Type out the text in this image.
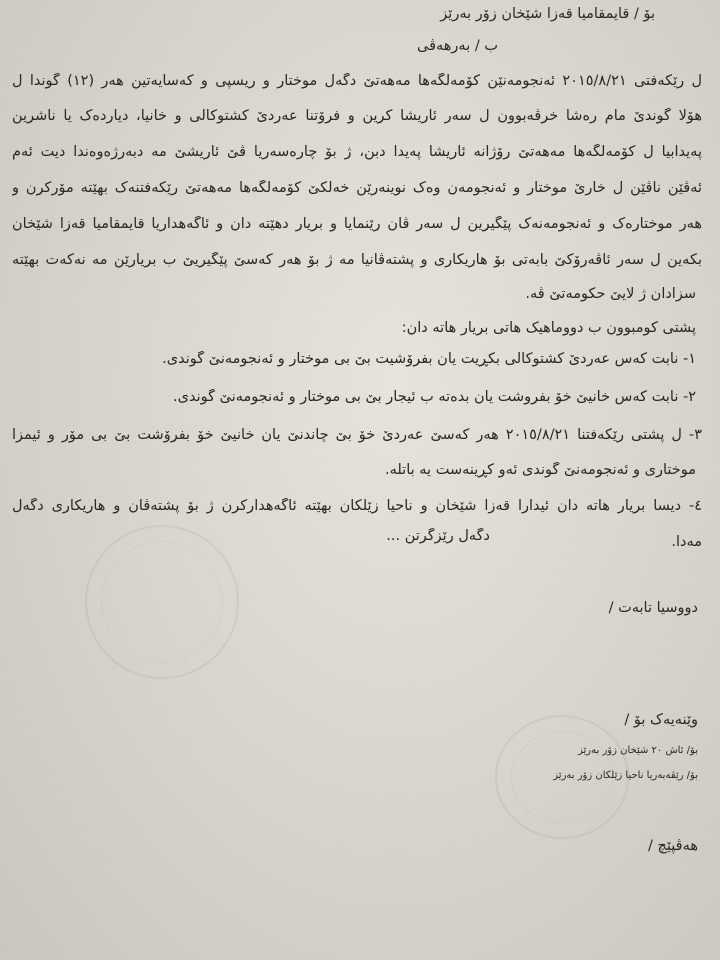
بۆ / قایمقامیا قەزا شێخان زۆر بەرێز
ب / بەرهەڤی
ل رێکەفتی ٢٠١٥/٨/٢١ ئەنجومەنێن کۆمەلگەها مەهەتێ دگەل موختار و ریسپی و کەسایەتین هەر (١٢) گوندا ل
هۆلا گوندێ مام رەشا خرڤەبوون ل سەر ئاریشا کرین و فرۆتنا عەردێ کشتوکالی و خانیا، دیاردەک یا ناشرین
پەیدابیا ل کۆمەلگەها مەهەتێ رۆژانە ئاریشا پەیدا دبن، ژ بۆ چارەسەریا ڤێ ئاریشێ مە دبەرژەوەندا دیت ئەم
ئەڤێن ناڤێن ل خارێ موختار و ئەنجومەن وەک نوینەرێن خەلکێ کۆمەلگەها مەهەتێ رێکەفتنەک بهێتە مۆرکرن و
هەر موختارەک و ئەنجومەنەک پێگیرین ل سەر ڤان رێنمایا و بریار دهێتە دان و ئاگەهداریا قایمقامیا قەزا شێخان
بکەین ل سەر ئاڤەرۆکێ بابەتی بۆ هاریکاری و پشتەڤانیا مە ژ بۆ هەر کەسێ پێگیریێ ب بریارێن مە نەکەت بهێتە
سزادان ژ لایێ حکومەتێ ڤە.
پشتی کومبوون ب دووماهیک هاتی بریار هاتە دان:
١- نابت کەس عەردێ کشتوکالی بکڕیت یان بفرۆشیت بێ بی موختار و ئەنجومەنێ گوندی.
٢- نابت کەس خانیێ خۆ بفروشت یان بدەتە ب ئیجار بێ بی موختار و ئەنجومەنێ گوندی.
٣- ل پشتی رێکەفتنا ٢٠١٥/٨/٢١ هەر کەسێ عەردێ خۆ بێ چاندنێ یان خانیێ خۆ بفرۆشت بێ بی مۆر و ئیمزا
موختاری و ئەنجومەنێ گوندی ئەو کڕینەست یە باتلە.
٤- دیسا بریار هاتە دان ئیدارا قەزا شێخان و ناحیا زێلکان بهێتە ئاگەهدارکرن ژ بۆ پشتەڤان و هاریکاری دگەل
مەدا.
دگەل رێزگرتن ...
دووسیا تابەت /
وێنەیەک بۆ /
بۆ/ ئاش ٢٠ شێخان زۆر بەرێز
بۆ/ رێڤەبەریا ناحیا زێلکان زۆر بەرێز
هەڤپێچ /
